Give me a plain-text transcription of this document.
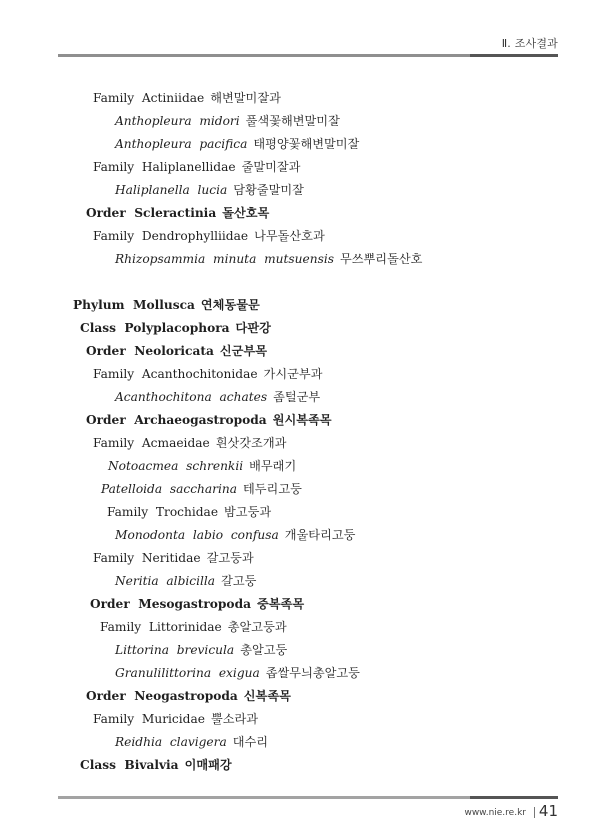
Ⅱ. 조사결과
Family  Actiniidae 해변말미잘과
Anthopleura  midori 풀색꽃해변말미잘
Anthopleura  pacifica 태평양꽃해변말미잘
Family  Haliplanellidae 줄말미잘과
Haliplanella  lucia 담황줄말미잘
Order  Scleractinia 돌산호목
Family  Dendrophylliidae 나무돌산호과
Rhizopsammia  minuta  mutsuensis 무쓰뿌리돌산호
Phylum  Mollusca 연체동물문
Class  Polyplacophora 다판강
Order  Neoloricata 신군부목
Family  Acanthochitonidae 가시군부과
Acanthochitona  achates 좀털군부
Order  Archaeogastropoda 원시복족목
Family  Acmaeidae 흰삿갓조개과
Notoacmea  schrenkii 배무래기
Patelloida  saccharina 테두리고둥
Family  Trochidae 밤고둥과
Monodonta  labio  confusa 개울타리고둥
Family  Neritidae 갈고둥과
Neritia  albicilla 갈고둥
Order  Mesogastropoda 중복족목
Family  Littorinidae 총알고둥과
Littorina  brevicula 총알고둥
Granulilittorina  exigua 좁쌀무늬총알고둥
Order  Neogastropoda 신복족목
Family  Muricidae 뿔소라과
Reidhia  clavigera 대수리
Class  Bivalvia 이매패강
www.nie.re.kr 41
